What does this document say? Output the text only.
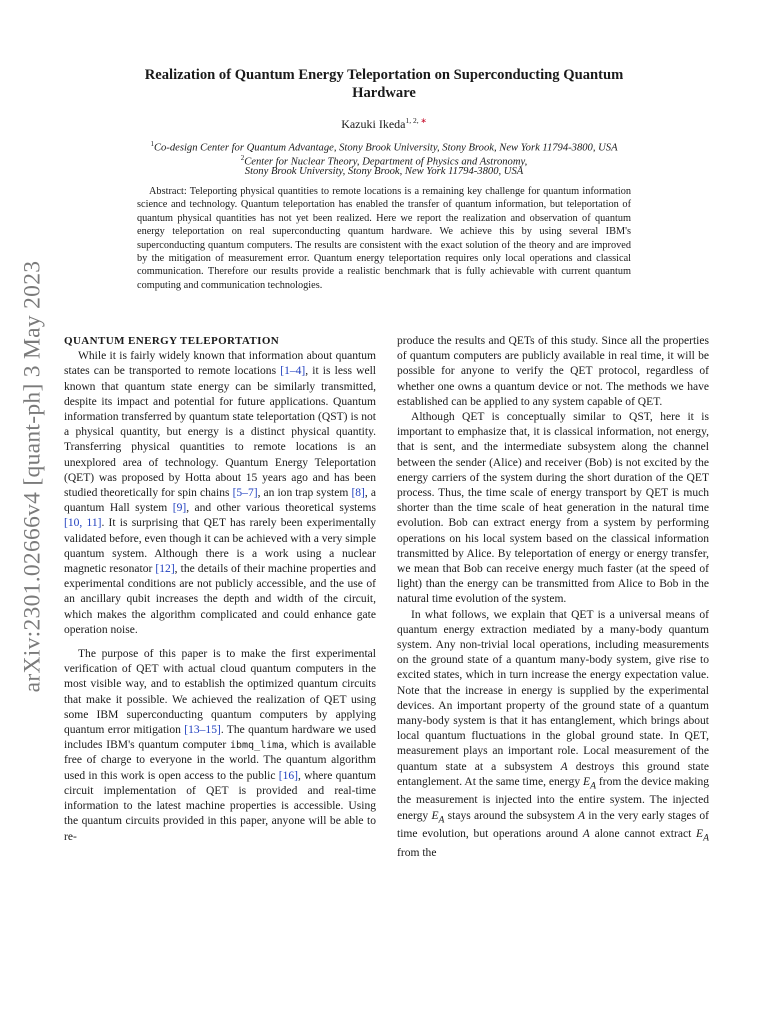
arXiv:2301.02666v4 [quant-ph] 3 May 2023
Realization of Quantum Energy Teleportation on Superconducting Quantum
Hardware
Kazuki Ikeda$^{1, 2,}$ ∗
$^1$Co-design Center for Quantum Advantage, Stony Brook University, Stony Brook, New York 11794-3800, USA
$^2$Center for Nuclear Theory, Department of Physics and Astronomy,
Stony Brook University, Stony Brook, New York 11794-3800, USA
Abstract: Teleporting physical quantities to remote locations is a remaining key challenge for quantum information science and technology. Quantum teleportation has enabled the transfer of quantum information, but teleportation of quantum physical quantities has not yet been realized. Here we report the realization and observation of quantum energy teleportation on real superconducting quantum hardware. We achieve this by using several IBM's superconducting quantum computers. The results are consistent with the exact solution of the theory and are improved by the mitigation of measurement error. Quantum energy teleportation requires only local operations and classical communication. Therefore our results provide a realistic benchmark that is fully achievable with current quantum computing and communication technologies.

QUANTUM ENERGY TELEPORTATION

While it is fairly widely known that information about quantum states can be transported to remote locations [1–4], it is less well known that quantum state energy can be similarly transmitted, despite its impact and potential for future applications. Quantum information transferred by quantum state teleportation (QST) is not a physical quantity, but energy is a distinct physical quantity. Transferring physical quantities to remote locations is an unexplored area of technology. Quantum Energy Teleportation (QET) was proposed by Hotta about 15 years ago and has been studied theoretically for spin chains [5–7], an ion trap system [8], a quantum Hall system [9], and other various theoretical systems [10, 11]. It is surprising that QET has rarely been experimentally validated before, even though it can be achieved with a very simple quantum system. Although there is a work using a nuclear magnetic resonator [12], the details of their machine properties and experimental conditions are not publicly accessible, and the use of an ancillary qubit increases the depth and width of the circuit, which makes the algorithm complicated and could enhance gate operation noise.

The purpose of this paper is to make the first experimental verification of QET with actual cloud quantum computers in the most visible way, and to establish the optimized quantum circuits that make it possible. We achieved the realization of QET using some IBM superconducting quantum computers by applying quantum error mitigation [13–15]. The quantum hardware we used includes IBM's quantum computer ibmq_lima, which is available free of charge to everyone in the world. The quantum algorithm used in this work is open access to the public [16], where quantum circuit implementation of QET is provided and real-time information to the latest machine properties is accessible. Using the quantum circuits provided in this paper, anyone will be able to re-

produce the results and QETs of this study. Since all the properties of quantum computers are publicly available in real time, it will be possible for anyone to verify the QET protocol, regardless of whether one owns a quantum device or not. The methods we have established can be applied to any system capable of QET.

Although QET is conceptually similar to QST, here it is important to emphasize that, it is classical information, not energy, that is sent, and the intermediate subsystem along the channel between the sender (Alice) and receiver (Bob) is not excited by the energy carriers of the system during the short duration of the QET process. Thus, the time scale of energy transport by QET is much shorter than the time scale of heat generation in the natural time evolution. Bob can extract energy from a system by performing operations on his local system based on the classical information transmitted by Alice. By teleportation of energy or energy transfer, we mean that Bob can receive energy much faster (at the speed of light) than the energy can be transmitted from Alice to Bob in the natural time evolution of the system.

In what follows, we explain that QET is a universal means of quantum energy extraction mediated by a many-body quantum system. Any non-trivial local operations, including measurements on the ground state of a quantum many-body system, give rise to excited states, which in turn increase the energy expectation value. Note that the increase in energy is supplied by the experimental devices. An important property of the ground state of a quantum many-body system is that it has entanglement, which brings about local quantum fluctuations in the global ground state. In QET, measurement plays an important role. Local measurement of the quantum state at a subsystem A destroys this ground state entanglement. At the same time, energy $E_A$ from the device making the measurement is injected into the entire system. The injected energy $E_A$ stays around the subsystem A in the very early stages of time evolution, but operations around A alone cannot extract $E_A$ from the
